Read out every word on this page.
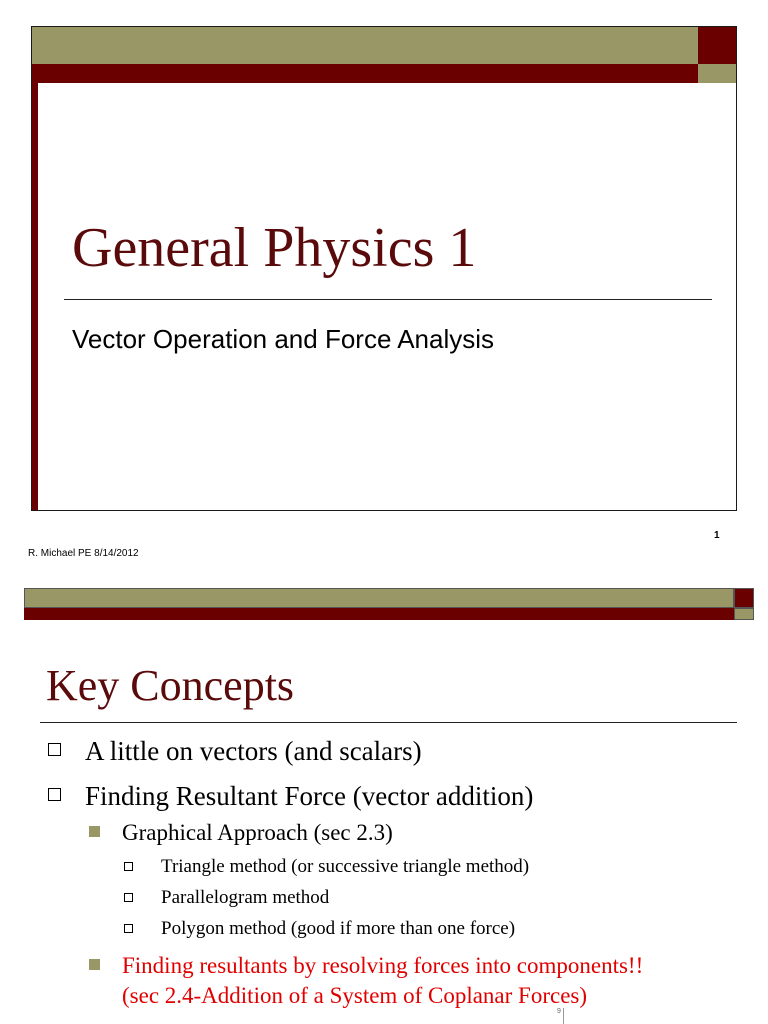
General Physics 1
Vector Operation and Force Analysis
1
R. Michael PE 8/14/2012
Key Concepts
A little on vectors (and scalars)
Finding Resultant Force (vector addition)
Graphical Approach (sec 2.3)
Triangle method (or successive triangle method)
Parallelogram method
Polygon method (good if more than one force)
Finding resultants by resolving forces into components!!
(sec 2.4-Addition of a System of Coplanar Forces)
9
